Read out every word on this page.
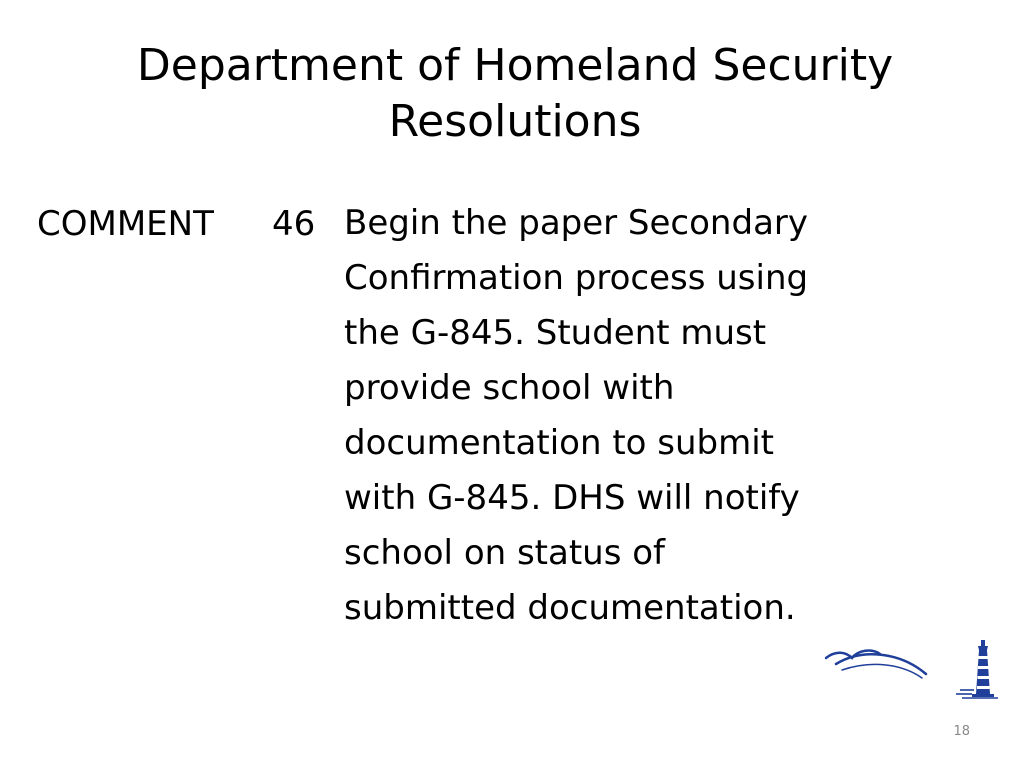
Department of Homeland Security
Resolutions
COMMENT 46 Begin the paper Secondary
Confirmation process using
the G-845. Student must
provide school with
documentation to submit
with G-845. DHS will notify
school on status of
submitted documentation.
18
